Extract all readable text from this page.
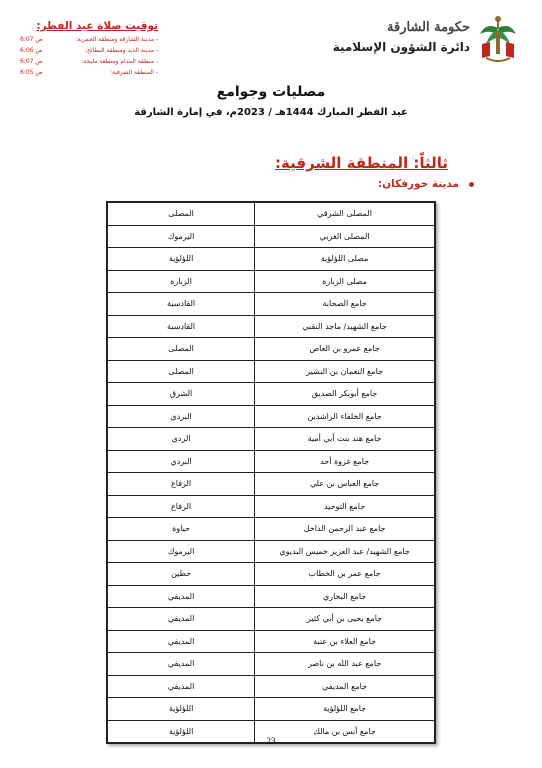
حكومة الشارقة
دائرة الشؤون الإسلامية
توقيت صلاة عيد الفطر:
- مدينة الشارقة ومنطقة الحمرية:
6:07 ص
- مدينة الذيد ومنطقة البطائح:
6:06 ص
- منطقة المدام ومنطقة مليحة:
6:07 ص
- المنطقة الشرقية:
6:05 ص
مصليات وجوامع
عيد الفطر المبارك 1444هـ / 2023م، في إمارة الشارقة
ثالثاً: المنطقة الشرقية:
مدينة خورفكان:
المصلى الشرقي	المصلى
المصلى الغربي	اليرموك
مصلى اللؤلؤية	اللؤلؤية
مصلى الزبارة	الزبارة
جامع الصحابة	القادسية
جامع الشهيد/ ماجد النقبي	القادسية
جامع عمرو بن العاص	المصلى
جامع النعمان بن البشير	المصلى
جامع أبوبكر الصديق	الشرق
جامع الخلفاء الراشدين	البردي
جامع هند بنت أبي أمية	الردي
جامع غزوة أحد	البردي
جامع العباس بن علي	الرفاع
جامع التوحيد	الرفاع
جامع عبد الرحمن الداخل	حياوة
جامع الشهيد/ عبد العزيز خميس البديوي	اليرموك
جامع عمر بن الخطاب	حطين
جامع البخاري	المديفي
جامع يحيى بن أبي كثير	المديفي
جامع العلاء بن عتبة	المديفي
جامع عبد الله بن ناصر	المديفي
جامع المديفي	المديفي
جامع اللؤلؤية	اللؤلؤية
جامع أنس بن مالك	اللؤلؤية
23
